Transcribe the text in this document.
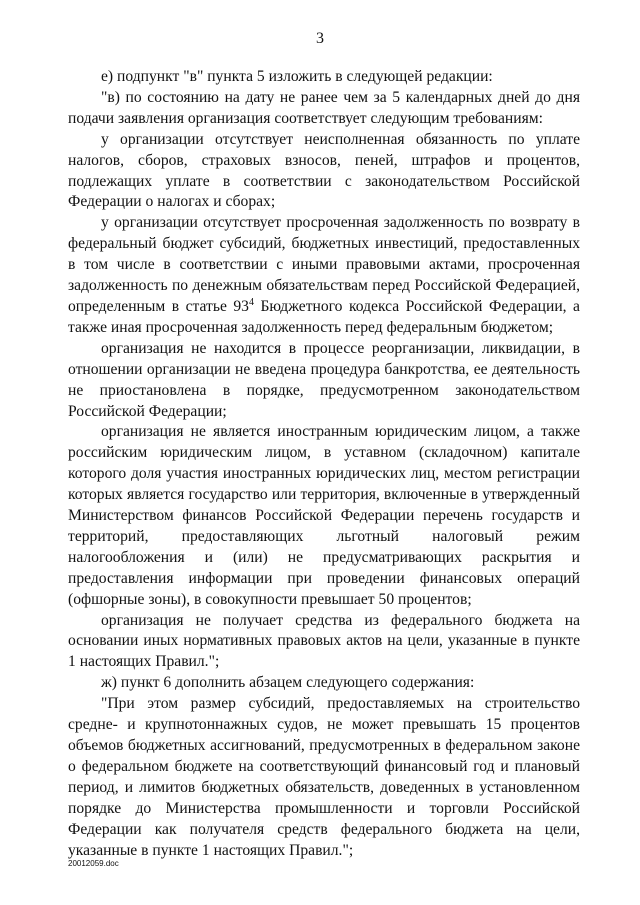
3

е) подпункт "в" пункта 5 изложить в следующей редакции:

"в) по состоянию на дату не ранее чем за 5 календарных дней до дня подачи заявления организация соответствует следующим требованиям:

у организации отсутствует неисполненная обязанность по уплате налогов, сборов, страховых взносов, пеней, штрафов и процентов, подлежащих уплате в соответствии с законодательством Российской Федерации о налогах и сборах;

у организации отсутствует просроченная задолженность по возврату в федеральный бюджет субсидий, бюджетных инвестиций, предоставленных в том числе в соответствии с иными правовыми актами, просроченная задолженность по денежным обязательствам перед Российской Федерацией, определенным в статье $93^4$ Бюджетного кодекса Российской Федерации, а также иная просроченная задолженность перед федеральным бюджетом;

организация не находится в процессе реорганизации, ликвидации, в отношении организации не введена процедура банкротства, ее деятельность не приостановлена в порядке, предусмотренном законодательством Российской Федерации;

организация не является иностранным юридическим лицом, а также российским юридическим лицом, в уставном (складочном) капитале которого доля участия иностранных юридических лиц, местом регистрации которых является государство или территория, включенные в утвержденный Министерством финансов Российской Федерации перечень государств и территорий, предоставляющих льготный налоговый режим налогообложения и (или) не предусматривающих раскрытия и предоставления информации при проведении финансовых операций (офшорные зоны), в совокупности превышает 50 процентов;

организация не получает средства из федерального бюджета на основании иных нормативных правовых актов на цели, указанные в пункте 1 настоящих Правил.";

ж) пункт 6 дополнить абзацем следующего содержания:

"При этом размер субсидий, предоставляемых на строительство средне- и крупнотоннажных судов, не может превышать 15 процентов объемов бюджетных ассигнований, предусмотренных в федеральном законе о федеральном бюджете на соответствующий финансовый год и плановый период, и лимитов бюджетных обязательств, доведенных в установленном порядке до Министерства промышленности и торговли Российской Федерации как получателя средств федерального бюджета на цели, указанные в пункте 1 настоящих Правил.";

20012059.doc
